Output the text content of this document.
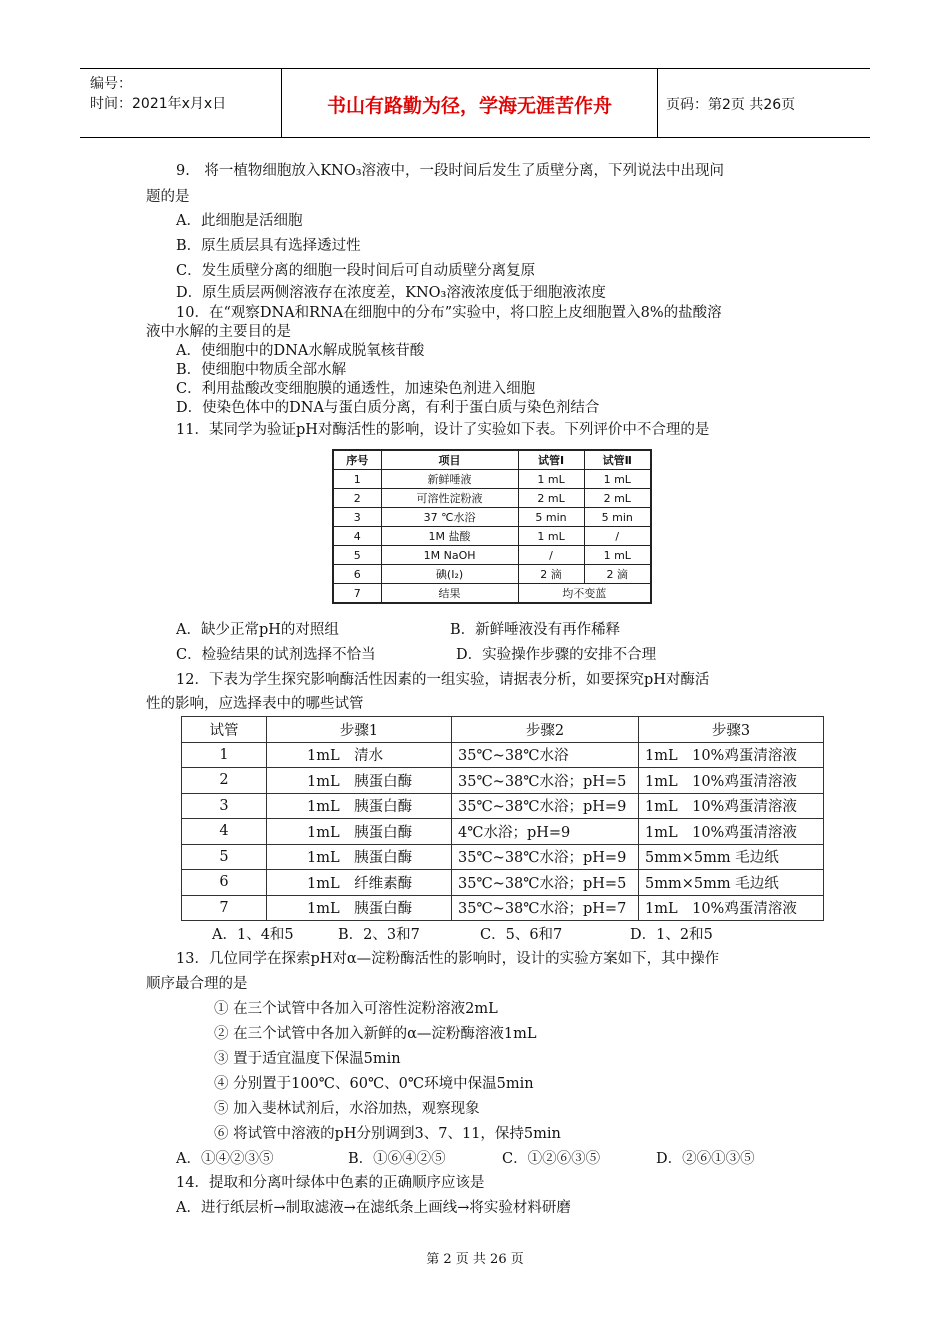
编号：
时间：2021年x月x日	书山有路勤为径，学海无涯苦作舟	页码：第2页 共26页
9.　将一植物细胞放入KNO₃溶液中，一段时间后发生了质壁分离，下列说法中出现问
题的是
A．此细胞是活细胞
B．原生质层具有选择透过性
C．发生质壁分离的细胞一段时间后可自动质壁分离复原
D．原生质层两侧溶液存在浓度差，KNO₃溶液浓度低于细胞液浓度
10．在“观察DNA和RNA在细胞中的分布”实验中，将口腔上皮细胞置入8%的盐酸溶
液中水解的主要目的是
A．使细胞中的DNA水解成脱氧核苷酸
B．使细胞中物质全部水解
C．利用盐酸改变细胞膜的通透性，加速染色剂进入细胞
D．使染色体中的DNA与蛋白质分离，有利于蛋白质与染色剂结合
11．某同学为验证pH对酶活性的影响，设计了实验如下表。下列评价中不合理的是
序号	项目	试管Ⅰ	试管Ⅱ
1	新鲜唾液	1 mL	1 mL
2	可溶性淀粉液	2 mL	2 mL
3	37 ℃水浴	5 min	5 min
4	1M 盐酸	1 mL	/
5	1M NaOH	/	1 mL
6	碘(I₂)	2 滴	2 滴
7	结果	均不变蓝	
A．缺少正常pH的对照组	B．新鲜唾液没有再作稀释
C．检验结果的试剂选择不恰当	D．实验操作步骤的安排不合理
12．下表为学生探究影响酶活性因素的一组实验，请据表分析，如要探究pH对酶活
性的影响，应选择表中的哪些试管
试管	步骤1	步骤2	步骤3
1	1mL　清水	35℃~38℃水浴	1mL　10%鸡蛋清溶液
2	1mL　胰蛋白酶	35℃~38℃水浴；pH=5	1mL　10%鸡蛋清溶液
3	1mL　胰蛋白酶	35℃~38℃水浴；pH=9	1mL　10%鸡蛋清溶液
4	1mL　胰蛋白酶	4℃水浴；pH=9	1mL　10%鸡蛋清溶液
5	1mL　胰蛋白酶	35℃~38℃水浴；pH=9	5mm×5mm 毛边纸
6	1mL　纤维素酶	35℃~38℃水浴；pH=5	5mm×5mm 毛边纸
7	1mL　胰蛋白酶	35℃~38℃水浴；pH=7	1mL　10%鸡蛋清溶液
A．1、4和5	B．2、3和7	C．5、6和7	D．1、2和5
13．几位同学在探索pH对α—淀粉酶活性的影响时，设计的实验方案如下，其中操作
顺序最合理的是
① 在三个试管中各加入可溶性淀粉溶液2mL
② 在三个试管中各加入新鲜的α—淀粉酶溶液1mL
③ 置于适宜温度下保温5min
④ 分别置于100℃、60℃、0℃环境中保温5min
⑤ 加入斐林试剂后，水浴加热，观察现象
⑥ 将试管中溶液的pH分别调到3、7、11，保持5min
A．①④②③⑤	B．①⑥④②⑤	C．①②⑥③⑤	D．②⑥①③⑤
14．提取和分离叶绿体中色素的正确顺序应该是
A．进行纸层析→制取滤液→在滤纸条上画线→将实验材料研磨
第 2 页 共 26 页
